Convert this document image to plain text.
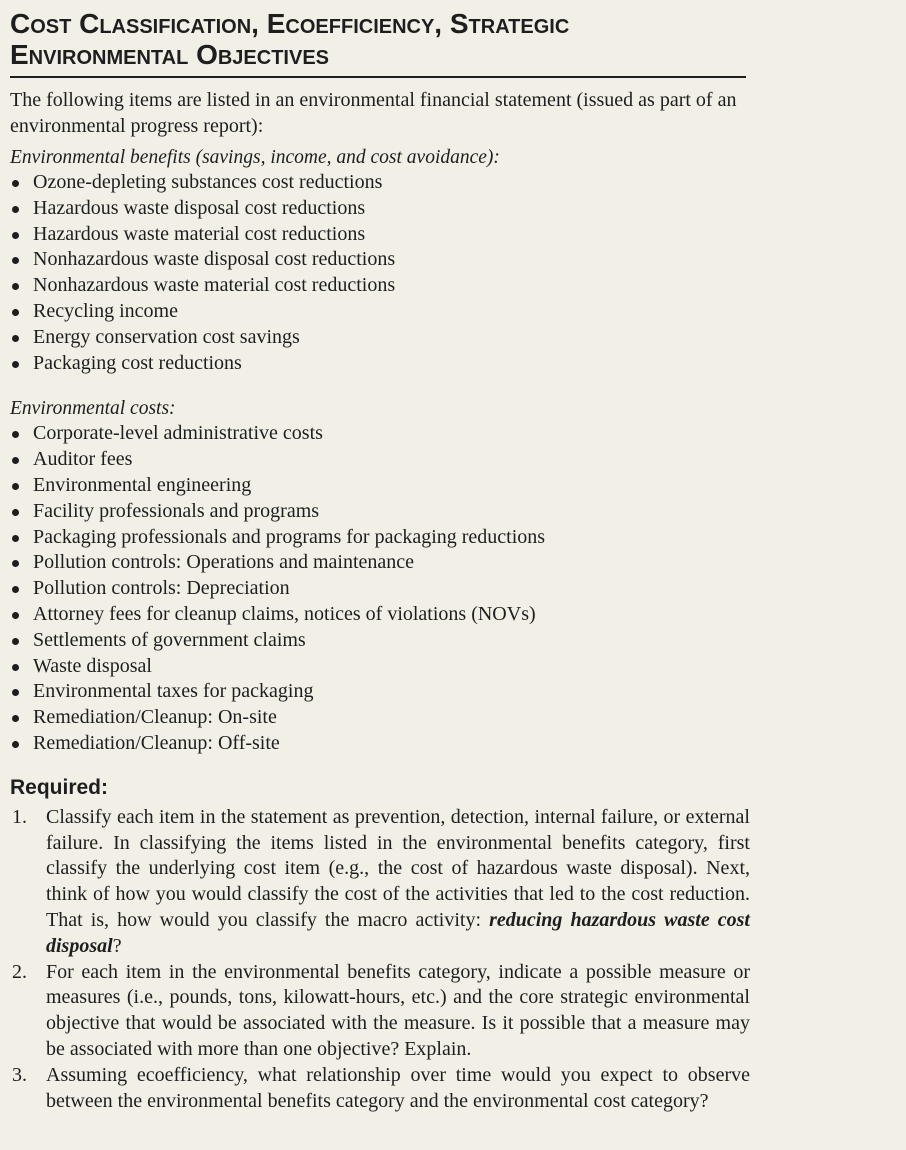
Cost Classification, Ecoefficiency, Strategic
Environmental Objectives

The following items are listed in an environmental financial statement (issued as part of an environmental progress report):

Environmental benefits (savings, income, and cost avoidance):

Ozone-depleting substances cost reductions
Hazardous waste disposal cost reductions
Hazardous waste material cost reductions
Nonhazardous waste disposal cost reductions
Nonhazardous waste material cost reductions
Recycling income
Energy conservation cost savings
Packaging cost reductions

Environmental costs:

Corporate-level administrative costs
Auditor fees
Environmental engineering
Facility professionals and programs
Packaging professionals and programs for packaging reductions
Pollution controls: Operations and maintenance
Pollution controls: Depreciation
Attorney fees for cleanup claims, notices of violations (NOVs)
Settlements of government claims
Waste disposal
Environmental taxes for packaging
Remediation/Cleanup: On-site
Remediation/Cleanup: Off-site
Required:
1. Classify each item in the statement as prevention, detection, internal failure, or external failure. In classifying the items listed in the environmental benefits category, first classify the underlying cost item (e.g., the cost of hazardous waste disposal). Next, think of how you would classify the cost of the activities that led to the cost reduction. That is, how would you classify the macro activity: reducing hazardous waste cost disposal?
2. For each item in the environmental benefits category, indicate a possible measure or measures (i.e., pounds, tons, kilowatt-hours, etc.) and the core strategic environmental objective that would be associated with the measure. Is it possible that a measure may be associated with more than one objective? Explain.
3. Assuming ecoefficiency, what relationship over time would you expect to observe between the environmental benefits category and the environmental cost category?
